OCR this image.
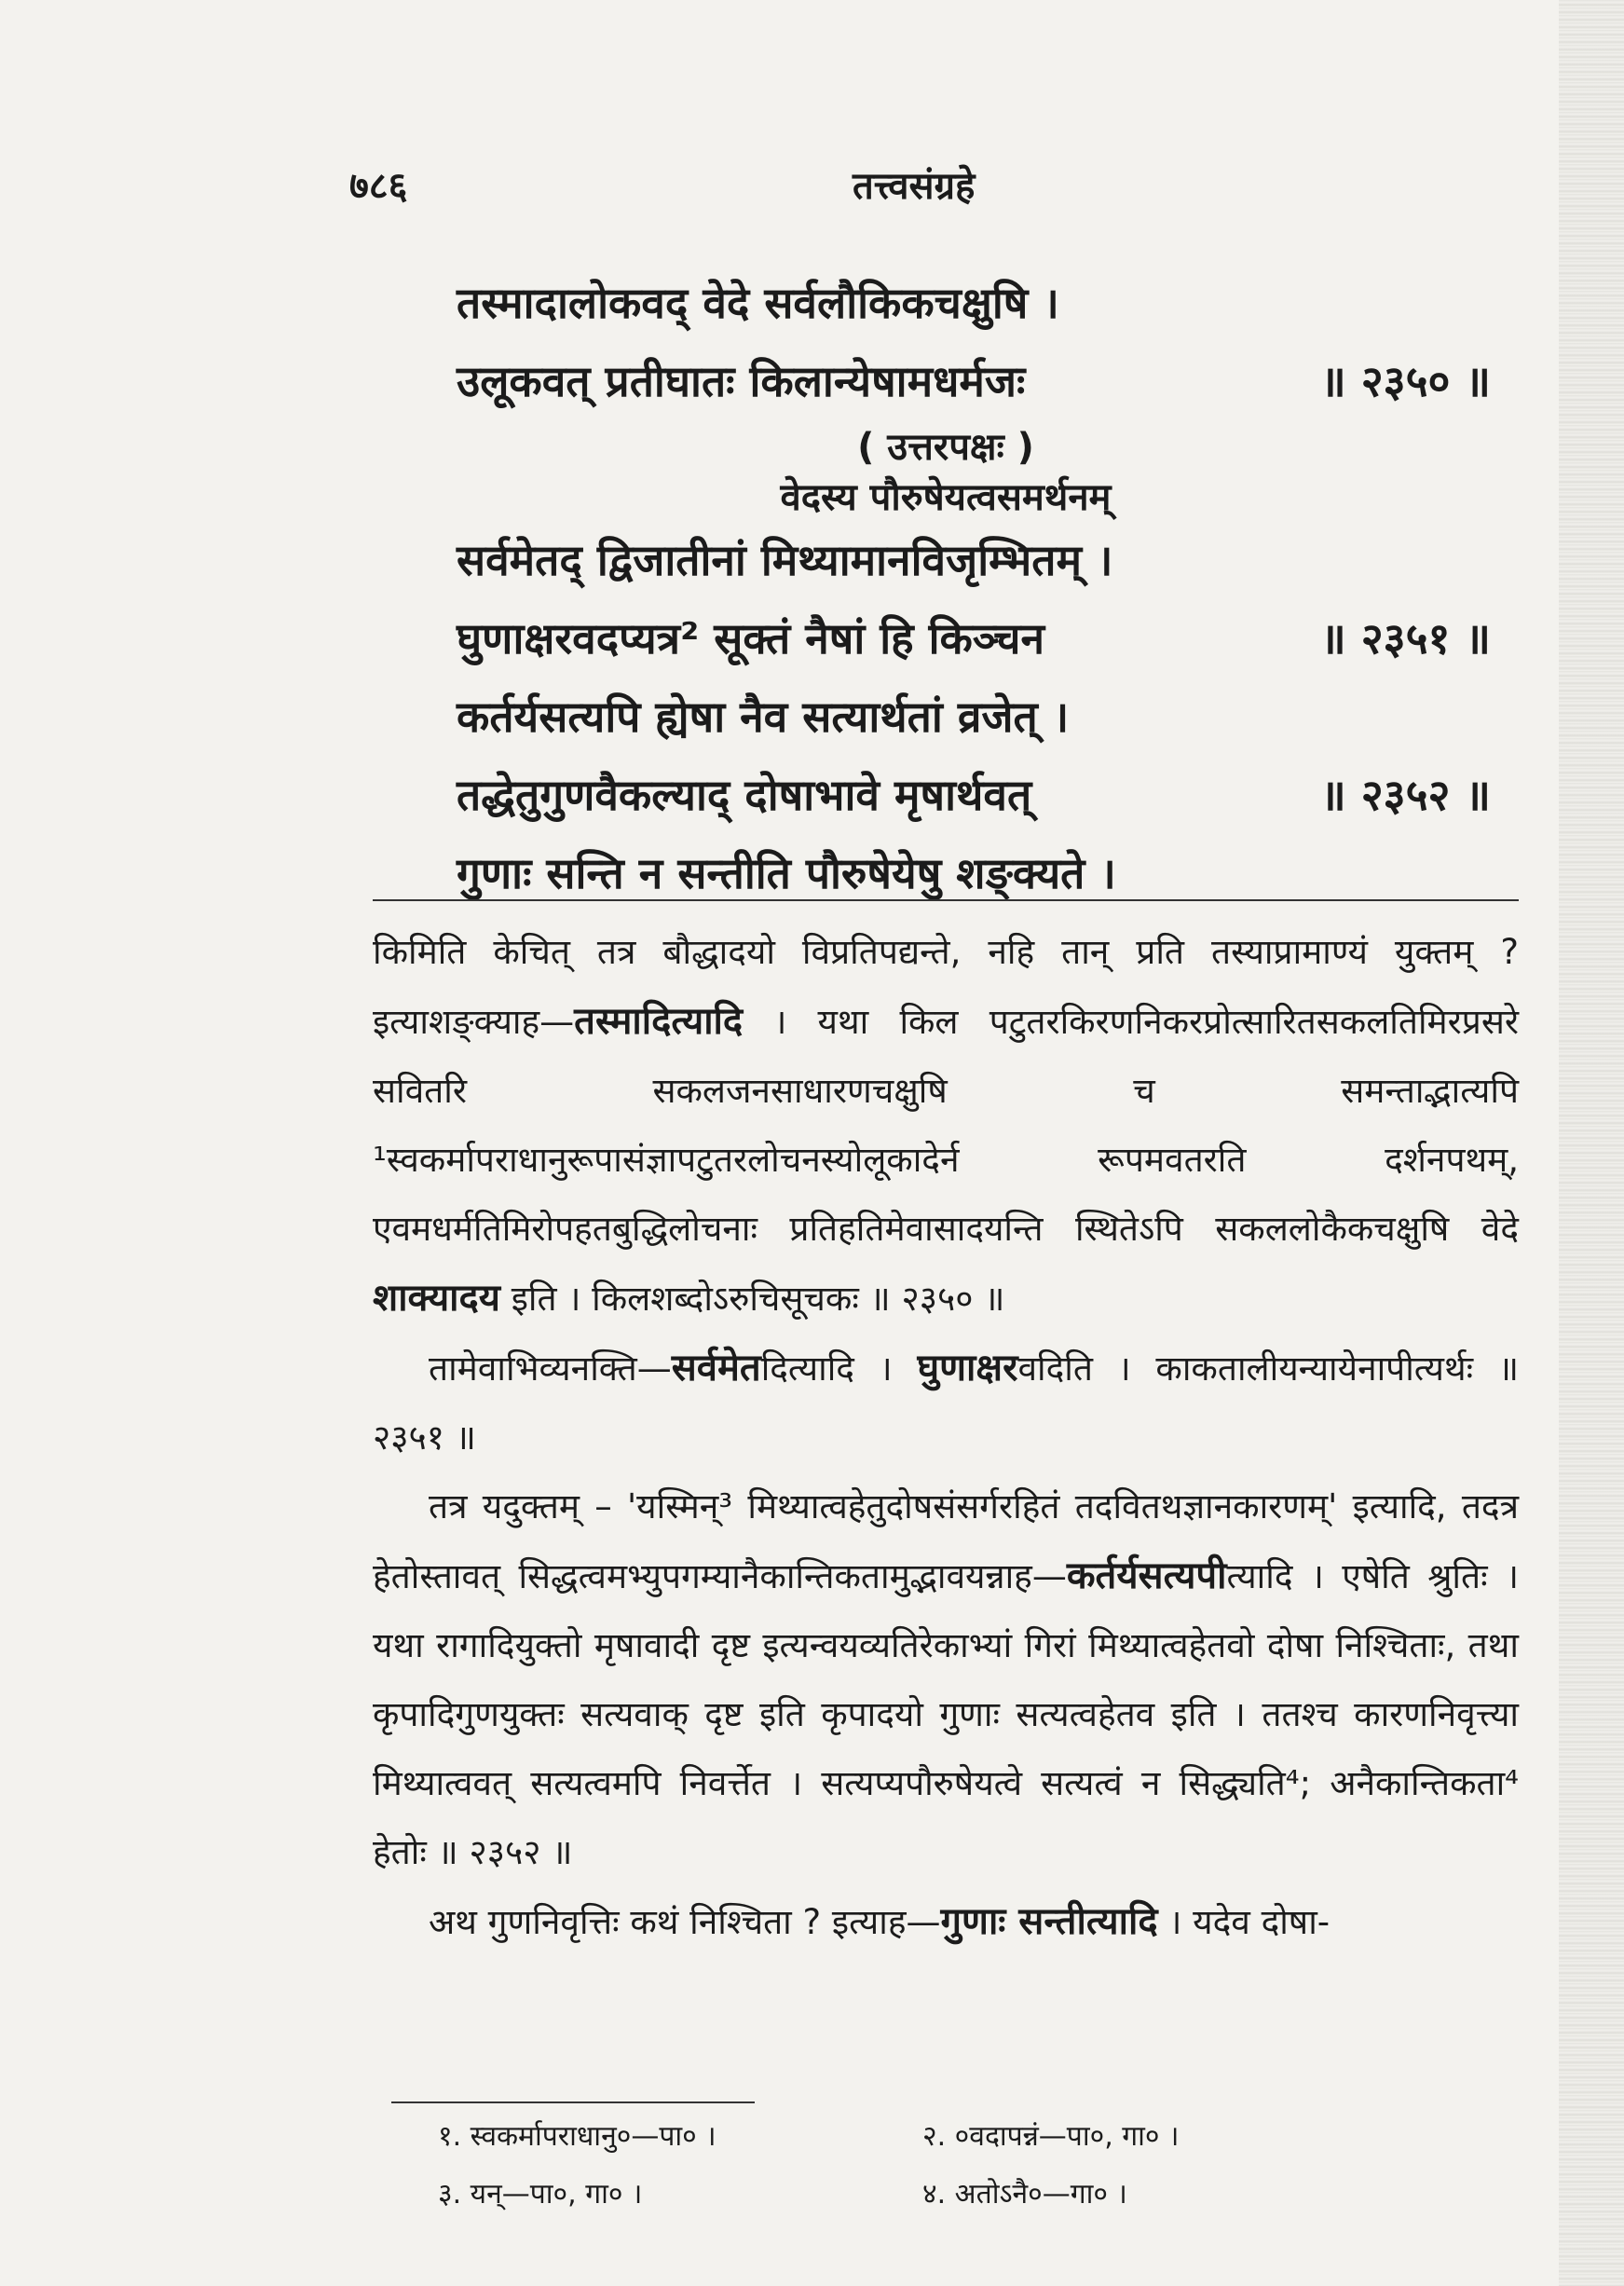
७८६	तत्त्वसंग्रहे
तस्मादालोकवद् वेदे सर्वलौकिकचक्षुषि ।
उलूकवत् प्रतीघातः किलान्येषामधर्मजः	॥ २३५० ॥
( उत्तरपक्षः )
वेदस्य पौरुषेयत्वसमर्थनम्
सर्वमेतद् द्विजातीनां मिथ्यामानविजृम्भितम् ।
घुणाक्षरवदप्यत्र² सूक्तं नैषां हि किञ्चन	॥ २३५१ ॥
कर्तर्यसत्यपि ह्येषा नैव सत्यार्थतां व्रजेत् ।
तद्धेतुगुणवैकल्याद् दोषाभावे मृषार्थवत्	॥ २३५२ ॥
गुणाः सन्ति न सन्तीति पौरुषेयेषु शङ्क्यते ।

किमिति केचित् तत्र बौद्धादयो विप्रतिपद्यन्ते, नहि तान् प्रति तस्याप्रामाण्यं युक्तम् ? इत्याशङ्क्याह—तस्मादित्यादि । यथा किल पटुतरकिरणनिकरप्रोत्सारितसकलतिमिरप्रसरे सवितरि सकलजनसाधारणचक्षुषि च समन्ताद्भात्यपि ¹स्वकर्मापराधानुरूपासंज्ञापटुतरलोचनस्योलूकादेर्न रूपमवतरति दर्शनपथम्, एवमधर्मतिमिरोपहतबुद्धिलोचनाः प्रतिहतिमेवासादयन्ति स्थितेऽपि सकललोकैकचक्षुषि वेदे शाक्यादय इति । किलशब्दोऽरुचिसूचकः ॥ २३५० ॥

तामेवाभिव्यनक्ति—सर्वमेतदित्यादि । घुणाक्षरवदिति । काकतालीयन्यायेनापीत्यर्थः ॥ २३५१ ॥

तत्र यदुक्तम् – 'यस्मिन्³ मिथ्यात्वहेतुदोषसंसर्गरहितं तदवितथज्ञानकारणम्' इत्यादि, तदत्र हेतोस्तावत् सिद्धत्वमभ्युपगम्यानैकान्तिकतामुद्भावयन्नाह—कर्तर्यसत्यपीत्यादि । एषेति श्रुतिः । यथा रागादियुक्तो मृषावादी दृष्ट इत्यन्वयव्यतिरेकाभ्यां गिरां मिथ्यात्वहेतवो दोषा निश्चिताः, तथा कृपादिगुणयुक्तः सत्यवाक् दृष्ट इति कृपादयो गुणाः सत्यत्वहेतव इति । ततश्च कारणनिवृत्त्या मिथ्यात्ववत् सत्यत्वमपि निवर्त्तेत । सत्यप्यपौरुषेयत्वे सत्यत्वं न सिद्ध्यति⁴; अनैकान्तिकता⁴ हेतोः ॥ २३५२ ॥

अथ गुणनिवृत्तिः कथं निश्चिता ? इत्याह—गुणाः सन्तीत्यादि । यदेव दोषा-

१. स्वकर्मापराधानु०—पा० ।	२. ०वदापन्नं—पा०, गा० ।
३. यन्—पा०, गा० ।	४. अतोऽनै०—गा० ।
